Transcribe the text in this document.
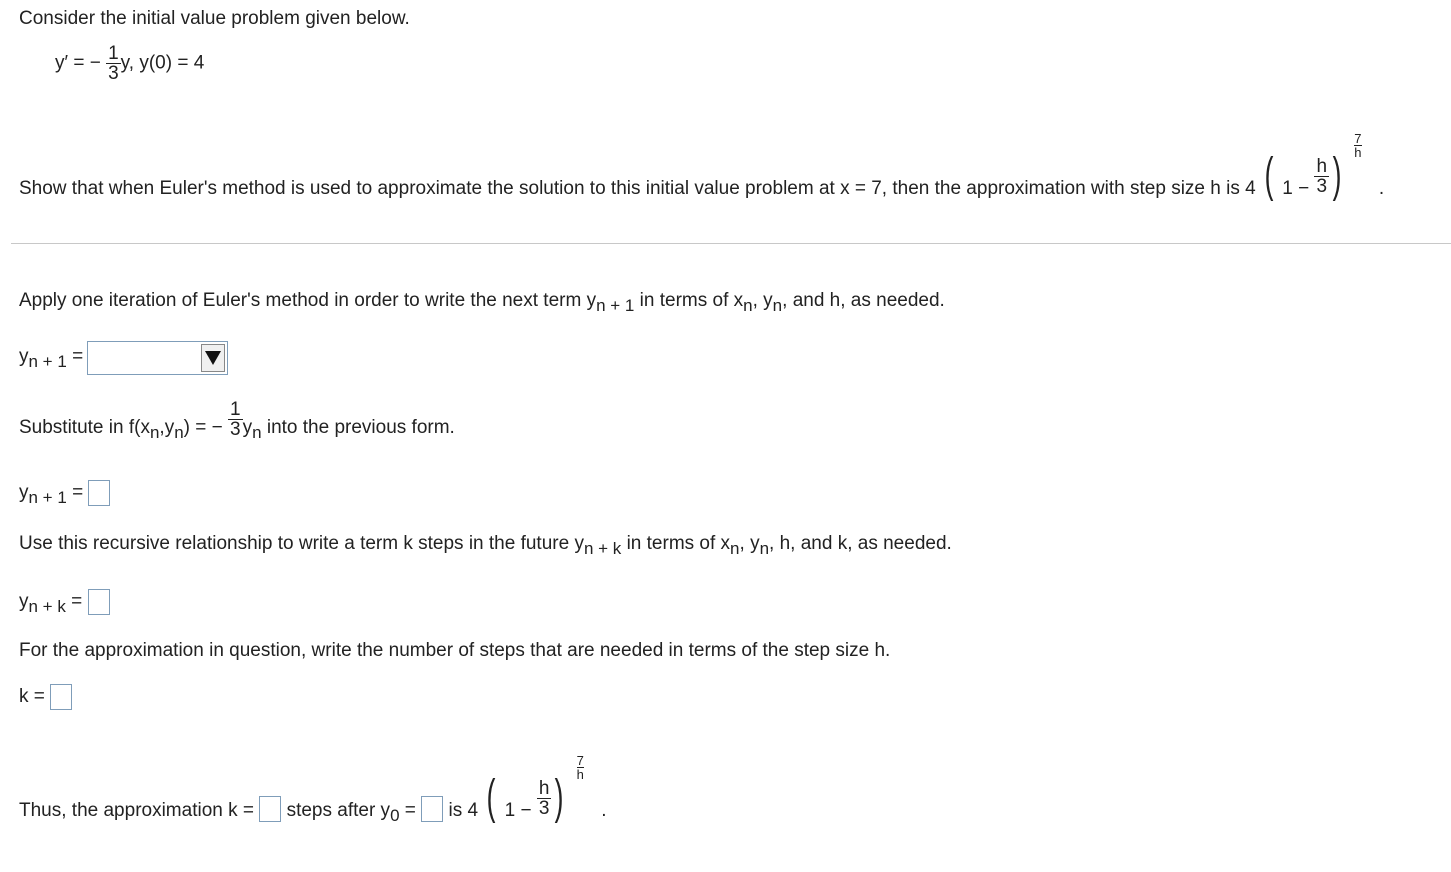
Consider the initial value problem given below.
y′ = − $\frac{1}{3} y$, y(0) = 4
Show that when Euler's method is used to approximate the solution to this initial value problem at x = 7, then the approximation with step size h is 4 ( $1 - \frac{h}{3}$ )
$\frac{7}{h}$
.
Apply one iteration of Euler's method in order to write the next term $y_{n + 1}$ in terms of $x_n$, $y_n$, and h, as needed.
$y_{n + 1}$ =
Substitute in $f(x_n,y_n)$ = − $\frac{1}{3} y_n$ into the previous form.
$y_{n + 1}$ =
Use this recursive relationship to write a term k steps in the future $y_{n + k}$ in terms of $x_n$, $y_n$, h, and k, as needed.
$y_{n + k}$ =
For the approximation in question, write the number of steps that are needed in terms of the step size h.
k =
Thus, the approximation k =  steps after $y_0$ =  is 4 ( $1 - \frac{h}{3}$ )
$\frac{7}{h}$
.
